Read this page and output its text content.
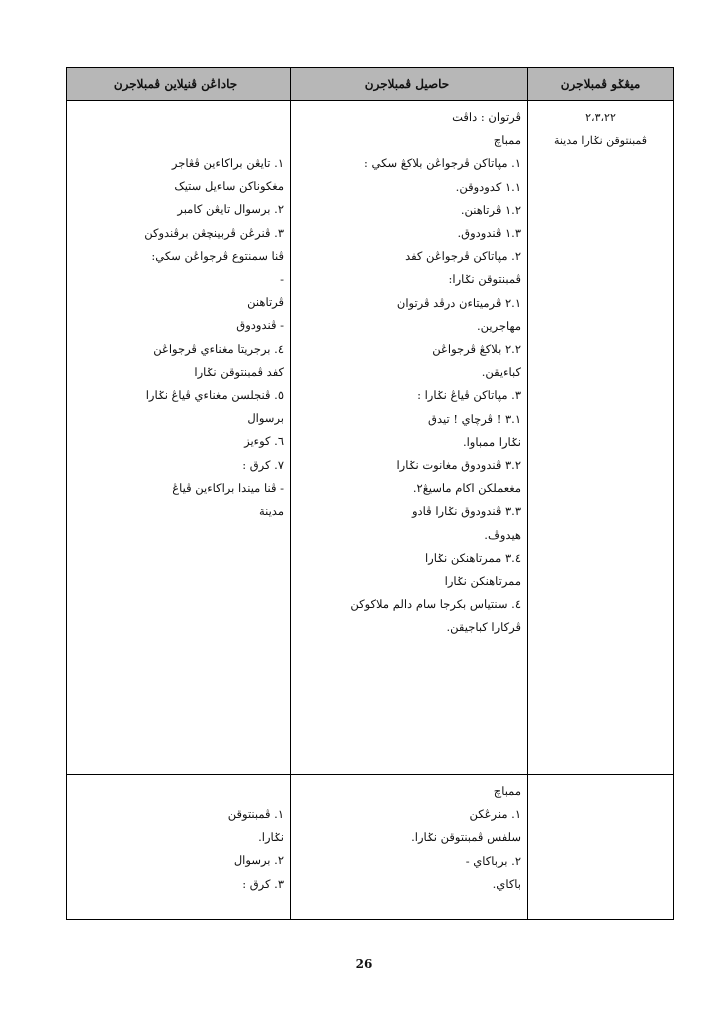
ميڠݢو ڤمبلاجرن
حاصيل ڤمبلاجرن
جاداڠن ڤنيلاين ڤمبلاجرن
٢،٣،٢٢
ڤمبنتوقن نݢارا مدينة

ڤرتوان : داڤت

ممباچ

١. مڽاتاكن ڤرجواڠن بلاكڠ سکي :

١.١ كدودوقن.

١.٢ ڤرتاهنن.

١.٣ ڤندودوق.

٢. مڽاتاكن ڤرجواڠن كفد

ڤمبنتوقن نݢارا:

٢.١ ڤرميتاءن درڤد ڤرتوان

مهاجرين.

٢.٢ بلاكڠ ڤرجواڠن

كباءيقن.

٣. مڽاتاكن ڤياڠ نݢارا :

٣.١ ! ڤرچاي ! تيدق

نݢارا ممباوا.

٣.٢ ڤندودوق مغانوت نݢارا

مغعملكن اكام ماسيڠ٢.

٣.٣ ڤندودوق نݢارا ڤادو

هيدوڤ.

٣.٤ ممرتاهنكن نݢارا

ممرتاهنكن نݢارا

٤. سنتياس بكرجا سام دالم ملاكوكن

ڤركارا كباجيقن.

١. تايڠن براكاءين ڤڠاجر

مغكوناكن ساءيل ستيک

٢. برسوال تايڠن كامبر

٣. ڤنرڠن ڤربينچڠن برڤندوكن

ڤنا سمنتوع ڤرجواڠن سکي:

-

ڤرتاهنن

- ڤندودوق

٤. برجريتا مغناءي ڤرجواڠن

كفد ڤمبنتوقن نݢارا

٥. ڤنجلسن مغناءي ڤياڠ نݢارا

برسوال

٦. كوءيز

٧. كرق :

- ڤنا ميندا براكاءين ڤياڠ

مدينة

ممباچ

١. منرڠكن

سلفس ڤمبنتوقن نݢارا.

٢. برباكاي -

باكاي.

١. ڤمبنتوقن

نݢارا.

٢. برسوال

٣. كرق :

26
